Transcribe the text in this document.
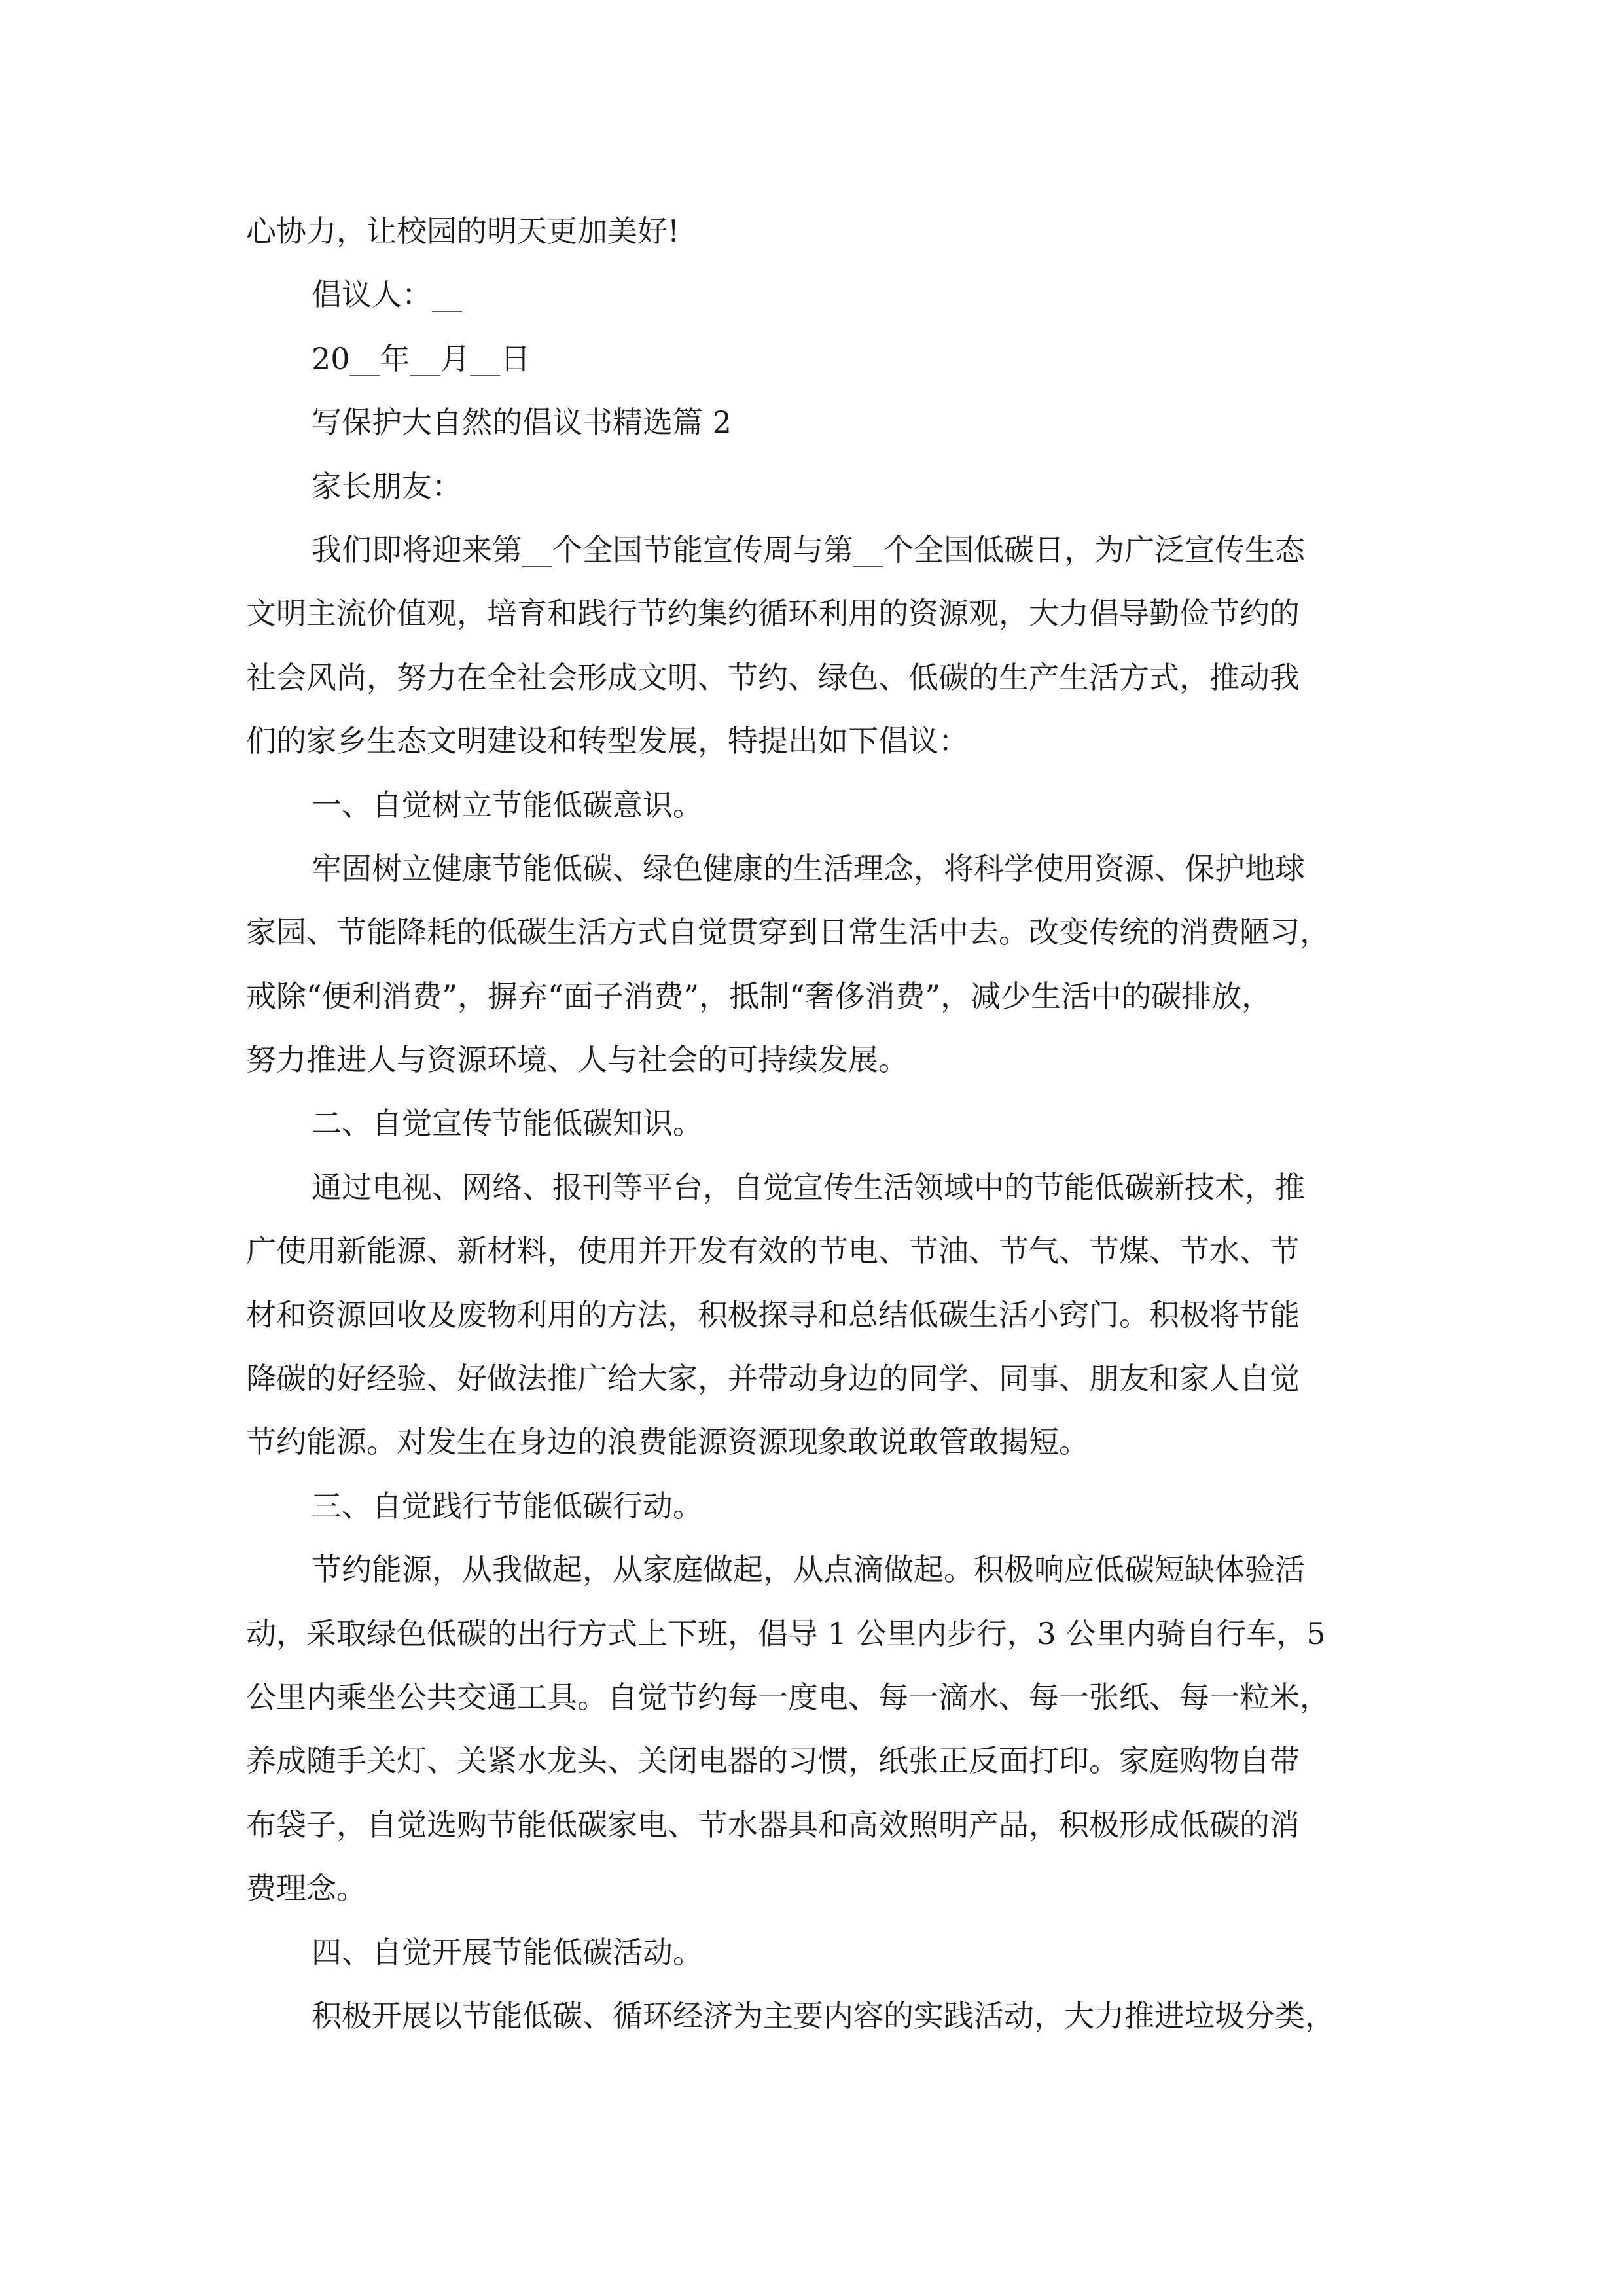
心协力，让校园的明天更加美好!
倡议人：__
20__年__月__日
写保护大自然的倡议书精选篇 2
家长朋友：
我们即将迎来第__个全国节能宣传周与第__个全国低碳日，为广泛宣传生态
文明主流价值观，培育和践行节约集约循环利用的资源观，大力倡导勤俭节约的
社会风尚，努力在全社会形成文明、节约、绿色、低碳的生产生活方式，推动我
们的家乡生态文明建设和转型发展，特提出如下倡议：
一、自觉树立节能低碳意识。
牢固树立健康节能低碳、绿色健康的生活理念，将科学使用资源、保护地球
家园、节能降耗的低碳生活方式自觉贯穿到日常生活中去。改变传统的消费陋习，
戒除“便利消费”，摒弃“面子消费”，抵制“奢侈消费”，减少生活中的碳排放，
努力推进人与资源环境、人与社会的可持续发展。
二、自觉宣传节能低碳知识。
通过电视、网络、报刊等平台，自觉宣传生活领域中的节能低碳新技术，推
广使用新能源、新材料，使用并开发有效的节电、节油、节气、节煤、节水、节
材和资源回收及废物利用的方法，积极探寻和总结低碳生活小窍门。积极将节能
降碳的好经验、好做法推广给大家，并带动身边的同学、同事、朋友和家人自觉
节约能源。对发生在身边的浪费能源资源现象敢说敢管敢揭短。
三、自觉践行节能低碳行动。
节约能源，从我做起，从家庭做起，从点滴做起。积极响应低碳短缺体验活
动，采取绿色低碳的出行方式上下班，倡导 1 公里内步行，3 公里内骑自行车，5
公里内乘坐公共交通工具。自觉节约每一度电、每一滴水、每一张纸、每一粒米，
养成随手关灯、关紧水龙头、关闭电器的习惯，纸张正反面打印。家庭购物自带
布袋子，自觉选购节能低碳家电、节水器具和高效照明产品，积极形成低碳的消
费理念。
四、自觉开展节能低碳活动。
积极开展以节能低碳、循环经济为主要内容的实践活动，大力推进垃圾分类，
